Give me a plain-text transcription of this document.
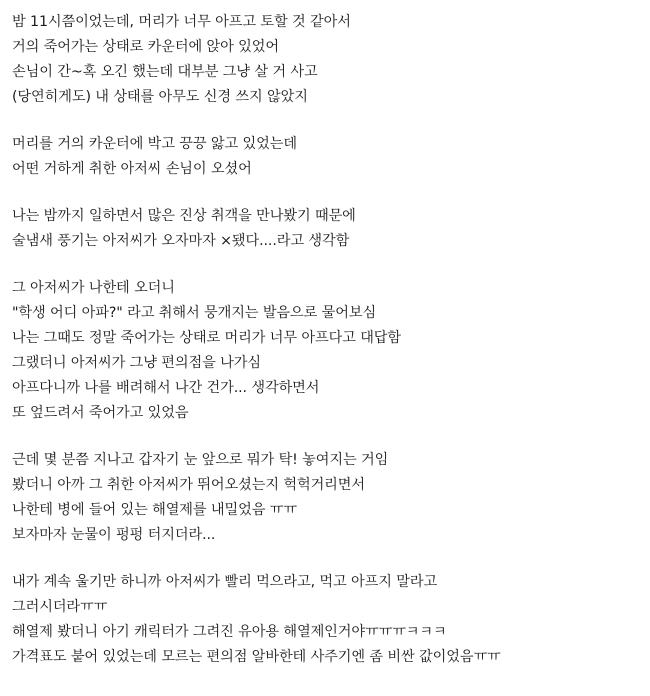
밤 11시쯤이었는데, 머리가 너무 아프고 토할 것 같아서
거의 죽어가는 상태로 카운터에 앉아 있었어
손님이 간~혹 오긴 했는데 대부분 그냥 살 거 사고
(당연히게도) 내 상태를 아무도 신경 쓰지 않았지
머리를 거의 카운터에 박고 끙끙 앓고 있었는데
어떤 거하게 취한 아저씨 손님이 오셨어
나는 밤까지 일하면서 많은 진상 취객을 만나봤기 때문에
술냄새 풍기는 아저씨가 오자마자 ×됐다....라고 생각함
그 아저씨가 나한테 오더니
"학생 어디 아파?" 라고 취해서 뭉개지는 발음으로 물어보심
나는 그때도 정말 죽어가는 상태로 머리가 너무 아프다고 대답함
그랬더니 아저씨가 그냥 편의점을 나가심
아프다니까 나를 배려해서 나간 건가... 생각하면서
또 엎드려서 죽어가고 있었음
근데 몇 분쯤 지나고 갑자기 눈 앞으로 뭐가 탁! 놓여지는 거임
봤더니 아까 그 취한 아저씨가 뛰어오셨는지 헉헉거리면서
나한테 병에 들어 있는 해열제를 내밀었음 ㅠㅠ
보자마자 눈물이 펑펑 터지더라...
내가 계속 울기만 하니까 아저씨가 빨리 먹으라고, 먹고 아프지 말라고
그러시더라ㅠㅠ
해열제 봤더니 아기 캐릭터가 그려진 유아용 해열제인거야ㅠㅠㅠㅋㅋㅋ
가격표도 붙어 있었는데 모르는 편의점 알바한테 사주기엔 좀 비싼 값이었음ㅠㅠ
